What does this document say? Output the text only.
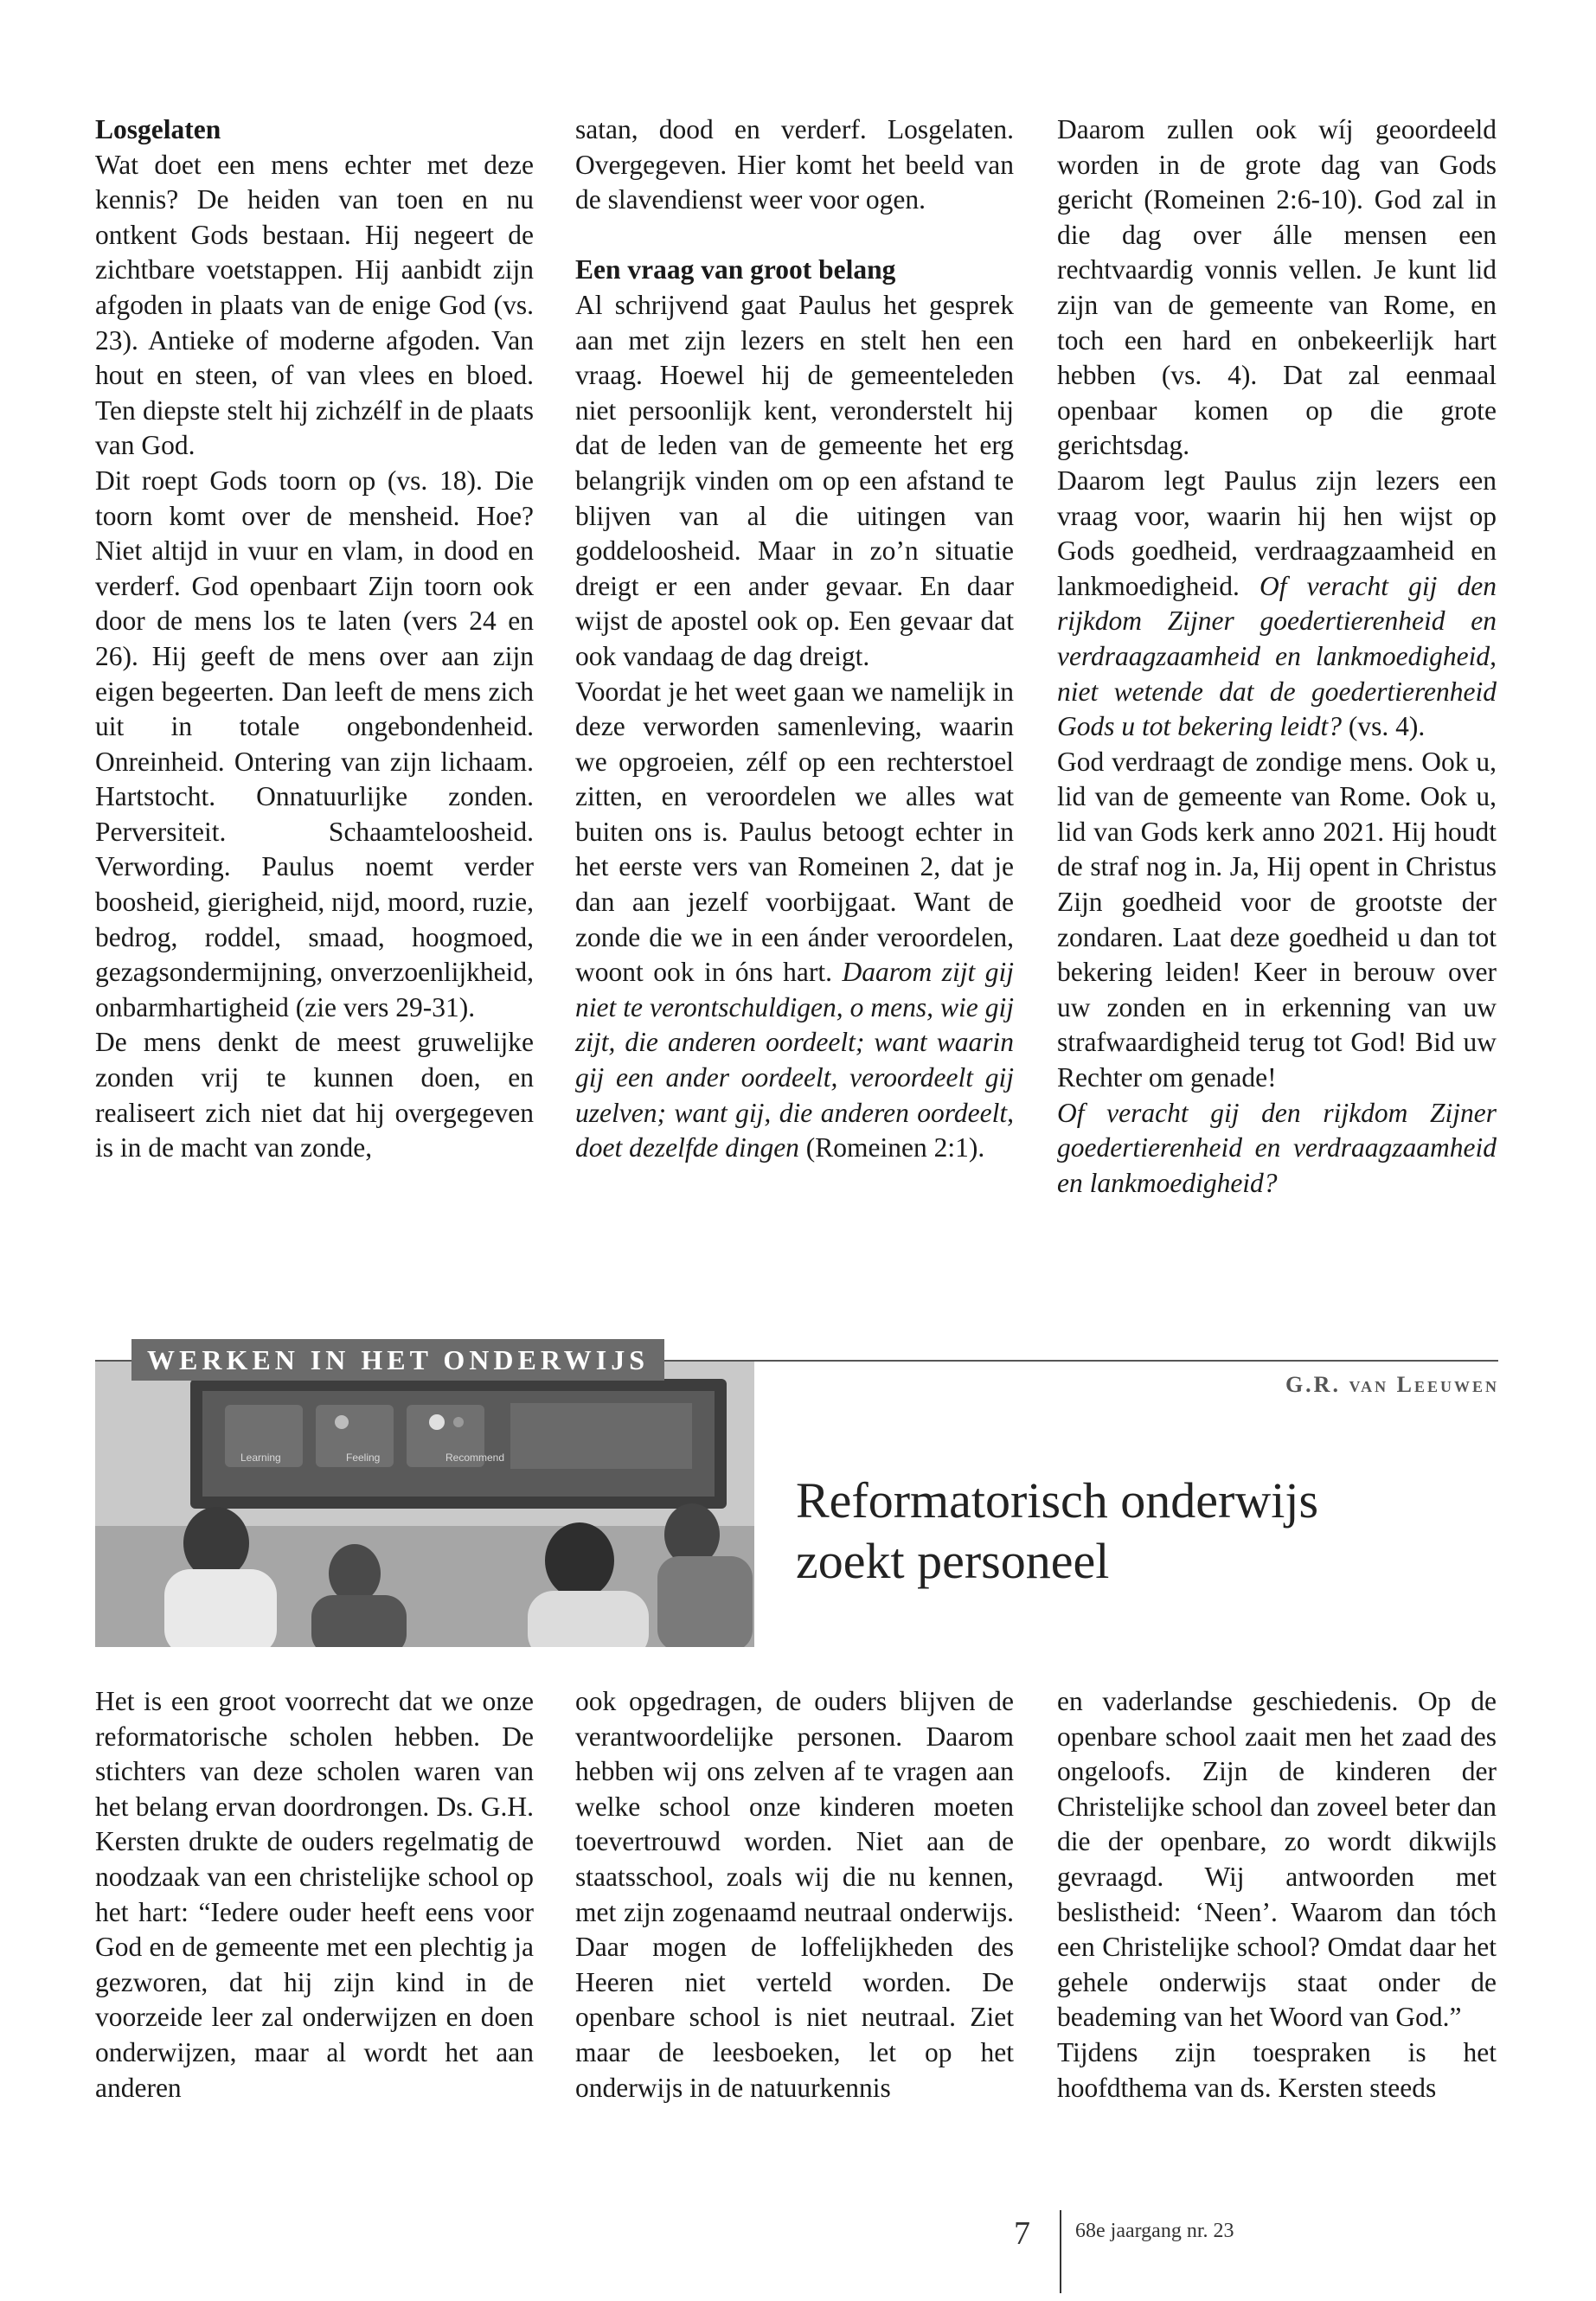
Losgelaten

Wat doet een mens echter met deze kennis? De heiden van toen en nu ontkent Gods bestaan. Hij negeert de zichtbare voetstappen. Hij aanbidt zijn afgoden in plaats van de enige God (vs. 23). Antieke of moderne afgoden. Van hout en steen, of van vlees en bloed. Ten diepste stelt hij zichzélf in de plaats van God.

Dit roept Gods toorn op (vs. 18). Die toorn komt over de mensheid. Hoe? Niet altijd in vuur en vlam, in dood en verderf. God openbaart Zijn toorn ook door de mens los te laten (vers 24 en 26). Hij geeft de mens over aan zijn eigen begeerten. Dan leeft de mens zich uit in totale ongebondenheid. Onreinheid. Ontering van zijn lichaam. Hartstocht. Onnatuurlijke zonden. Perversiteit. Schaamteloosheid. Verwording. Paulus noemt verder boosheid, gierigheid, nijd, moord, ruzie, bedrog, roddel, smaad, hoogmoed, gezagsondermijning, onverzoenlijkheid, onbarmhartigheid (zie vers 29-31).

De mens denkt de meest gruwelijke zonden vrij te kunnen doen, en realiseert zich niet dat hij overgegeven is in de macht van zonde,

satan, dood en verderf. Losgelaten. Overgegeven. Hier komt het beeld van de slavendienst weer voor ogen.

Een vraag van groot belang

Al schrijvend gaat Paulus het gesprek aan met zijn lezers en stelt hen een vraag. Hoewel hij de gemeenteleden niet persoonlijk kent, veronderstelt hij dat de leden van de gemeente het erg belangrijk vinden om op een afstand te blijven van al die uitingen van goddeloosheid. Maar in zo’n situatie dreigt er een ander gevaar. En daar wijst de apostel ook op. Een gevaar dat ook vandaag de dag dreigt.

Voordat je het weet gaan we namelijk in deze verworden samenleving, waarin we opgroeien, zélf op een rechterstoel zitten, en veroordelen we alles wat buiten ons is. Paulus betoogt echter in het eerste vers van Romeinen 2, dat je dan aan jezelf voorbijgaat. Want de zonde die we in een ánder veroordelen, woont ook in óns hart. Daarom zijt gij niet te verontschuldigen, o mens, wie gij zijt, die anderen oordeelt; want waarin gij een ander oordeelt, veroordeelt gij uzelven; want gij, die anderen oordeelt, doet dezelfde dingen (Romeinen 2:1).

Daarom zullen ook wíj geoordeeld worden in de grote dag van Gods gericht (Romeinen 2:6-10). God zal in die dag over álle mensen een rechtvaardig vonnis vellen. Je kunt lid zijn van de gemeente van Rome, en toch een hard en onbekeerlijk hart hebben (vs. 4). Dat zal eenmaal openbaar komen op die grote gerichtsdag.

Daarom legt Paulus zijn lezers een vraag voor, waarin hij hen wijst op Gods goedheid, verdraagzaamheid en lankmoedigheid. Of veracht gij den rijkdom Zijner goedertierenheid en verdraagzaamheid en lankmoedigheid, niet wetende dat de goedertierenheid Gods u tot bekering leidt? (vs. 4).

God verdraagt de zondige mens. Ook u, lid van de gemeente van Rome. Ook u, lid van Gods kerk anno 2021. Hij houdt de straf nog in. Ja, Hij opent in Christus Zijn goedheid voor de grootste der zondaren. Laat deze goedheid u dan tot bekering leiden! Keer in berouw over uw zonden en in erkenning van uw strafwaardigheid terug tot God! Bid uw Rechter om genade!

Of veracht gij den rijkdom Zijner goedertierenheid en verdraagzaamheid en lankmoedigheid?

Learning	Feeling	Recommend
WERKEN IN HET ONDERWIJS
G.R. van Leeuwen
Reformatorisch onderwijs
zoekt personeel

Het is een groot voorrecht dat we onze reformatorische scholen hebben. De stichters van deze scholen waren van het belang ervan doordrongen. Ds. G.H. Kersten drukte de ouders regelmatig de noodzaak van een christelijke school op het hart: “Iedere ouder heeft eens voor God en de gemeente met een plechtig ja gezworen, dat hij zijn kind in de voorzeide leer zal onderwijzen en doen onderwijzen, maar al wordt het aan anderen

ook opgedragen, de ouders blijven de verantwoordelijke personen. Daarom hebben wij ons zelven af te vragen aan welke school onze kinderen moeten toevertrouwd worden. Niet aan de staatsschool, zoals wij die nu kennen, met zijn zogenaamd neutraal onderwijs. Daar mogen de loffelijkheden des Heeren niet verteld worden. De openbare school is niet neutraal. Ziet maar de leesboeken, let op het onderwijs in de natuurkennis

en vaderlandse geschiedenis. Op de openbare school zaait men het zaad des ongeloofs. Zijn de kinderen der Christelijke school dan zoveel beter dan die der openbare, zo wordt dikwijls gevraagd. Wij antwoorden met beslistheid: ‘Neen’. Waarom dan tóch een Christelijke school? Omdat daar het gehele onderwijs staat onder de beademing van het Woord van God.”

Tijdens zijn toespraken is het hoofdthema van ds. Kersten steeds

7 68e jaargang nr. 23
